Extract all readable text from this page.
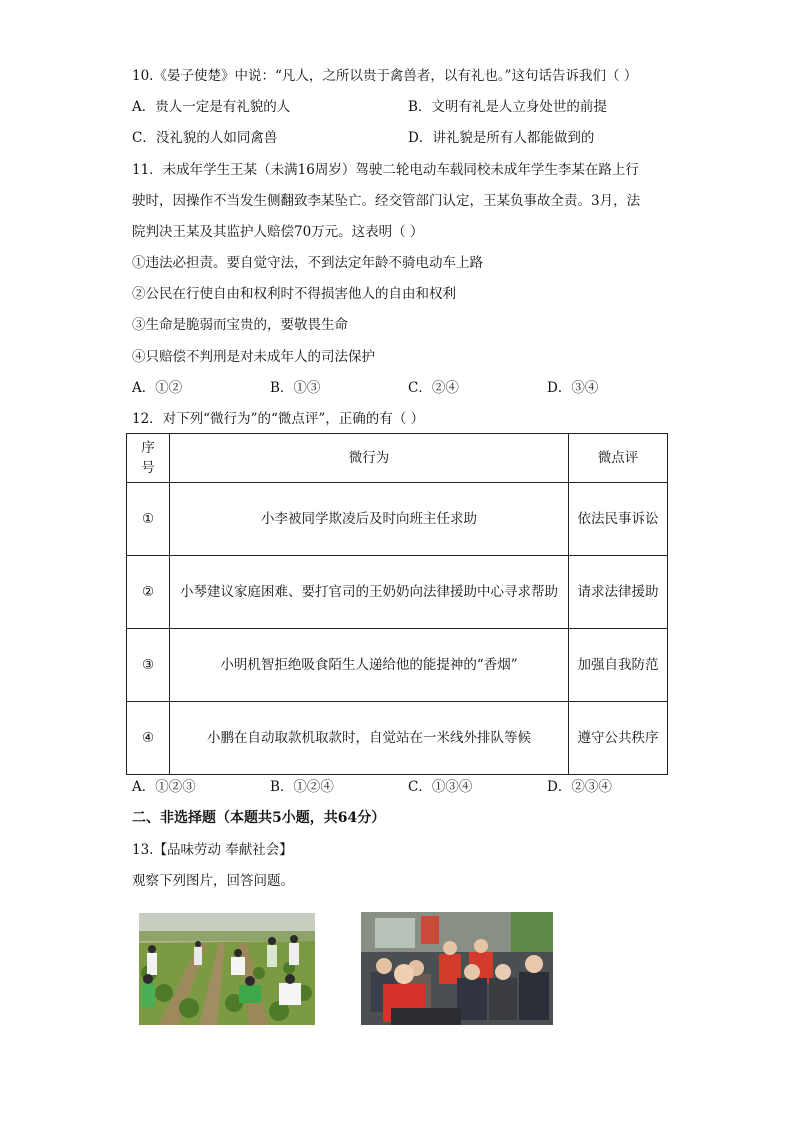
10.《晏子使楚》中说：“凡人，之所以贵于禽兽者，以有礼也。”这句话告诉我们（ ）
A．贵人一定是有礼貌的人	B．文明有礼是人立身处世的前提
C．没礼貌的人如同禽兽	D．讲礼貌是所有人都能做到的
11．未成年学生王某（未满16周岁）驾驶二轮电动车载同校未成年学生李某在路上行
驶时，因操作不当发生侧翻致李某坠亡。经交管部门认定，王某负事故全责。3月，法
院判决王某及其监护人赔偿70万元。这表明（ ）
①违法必担责。要自觉守法，不到法定年龄不骑电动车上路
②公民在行使自由和权利时不得损害他人的自由和权利
③生命是脆弱而宝贵的，要敬畏生命
④只赔偿不判刑是对未成年人的司法保护
A．①②	B．①③	C．②④	D．③④
12．对下列“微行为”的“微点评”，正确的有（ ）
序号	微行为	微点评
①	小李被同学欺凌后及时向班主任求助	依法民事诉讼
②	小琴建议家庭困难、要打官司的王奶奶向法律援助中心寻求帮助	请求法律援助
③	小明机智拒绝吸食陌生人递给他的能提神的“香烟”	加强自我防范
④	小鹏在自动取款机取款时，自觉站在一米线外排队等候	遵守公共秩序
A．①②③	B．①②④	C．①③④	D．②③④
二、非选择题（本题共5小题，共64分）
13.【品味劳动 奉献社会】
观察下列图片，回答问题。
